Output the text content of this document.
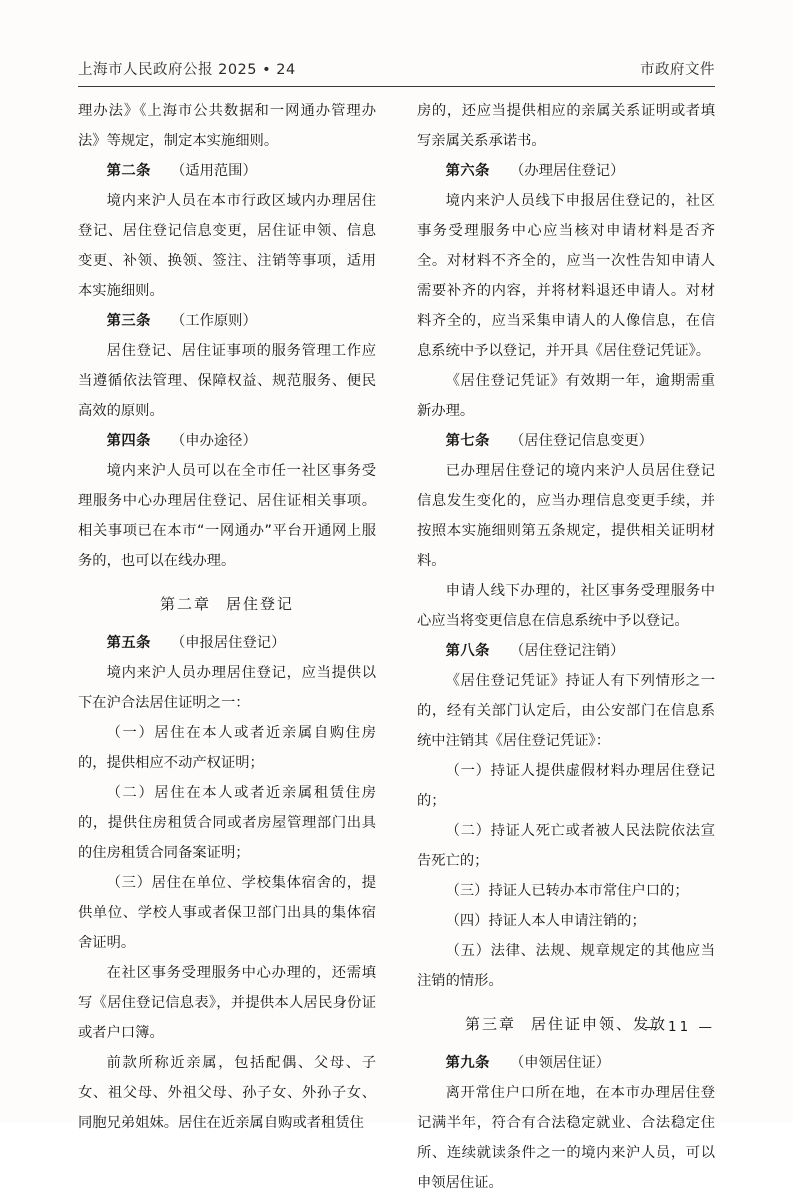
上海市人民政府公报 2025 • 24	市政府文件

理办法》《上海市公共数据和一网通办管理办法》等规定，制定本实施细则。

第二条 （适用范围）

境内来沪人员在本市行政区域内办理居住登记、居住登记信息变更，居住证申领、信息变更、补领、换领、签注、注销等事项，适用本实施细则。

第三条 （工作原则）

居住登记、居住证事项的服务管理工作应当遵循依法管理、保障权益、规范服务、便民高效的原则。

第四条 （申办途径）

境内来沪人员可以在全市任一社区事务受理服务中心办理居住登记、居住证相关事项。相关事项已在本市“一网通办”平台开通网上服务的，也可以在线办理。

第二章 居住登记

第五条 （申报居住登记）

境内来沪人员办理居住登记，应当提供以下在沪合法居住证明之一：

（一）居住在本人或者近亲属自购住房的，提供相应不动产权证明；

（二）居住在本人或者近亲属租赁住房的，提供住房租赁合同或者房屋管理部门出具的住房租赁合同备案证明；

（三）居住在单位、学校集体宿舍的，提供单位、学校人事或者保卫部门出具的集体宿舍证明。

在社区事务受理服务中心办理的，还需填写《居住登记信息表》，并提供本人居民身份证或者户口簿。

前款所称近亲属，包括配偶、父母、子女、祖父母、外祖父母、孙子女、外孙子女、同胞兄弟姐妹。居住在近亲属自购或者租赁住

房的，还应当提供相应的亲属关系证明或者填写亲属关系承诺书。

第六条 （办理居住登记）

境内来沪人员线下申报居住登记的，社区事务受理服务中心应当核对申请材料是否齐全。对材料不齐全的，应当一次性告知申请人需要补齐的内容，并将材料退还申请人。对材料齐全的，应当采集申请人的人像信息，在信息系统中予以登记，并开具《居住登记凭证》。

《居住登记凭证》有效期一年，逾期需重新办理。

第七条 （居住登记信息变更）

已办理居住登记的境内来沪人员居住登记信息发生变化的，应当办理信息变更手续，并按照本实施细则第五条规定，提供相关证明材料。

申请人线下办理的，社区事务受理服务中心应当将变更信息在信息系统中予以登记。

第八条 （居住登记注销）

《居住登记凭证》持证人有下列情形之一的，经有关部门认定后，由公安部门在信息系统中注销其《居住登记凭证》：

（一）持证人提供虚假材料办理居住登记的；

（二）持证人死亡或者被人民法院依法宣告死亡的；

（三）持证人已转办本市常住户口的；

（四）持证人本人申请注销的；

（五）法律、法规、规章规定的其他应当注销的情形。

第三章 居住证申领、发放

第九条 （申领居住证）

离开常住户口所在地，在本市办理居住登记满半年，符合有合法稳定就业、合法稳定住所、连续就读条件之一的境内来沪人员，可以申领居住证。

— 11 —
